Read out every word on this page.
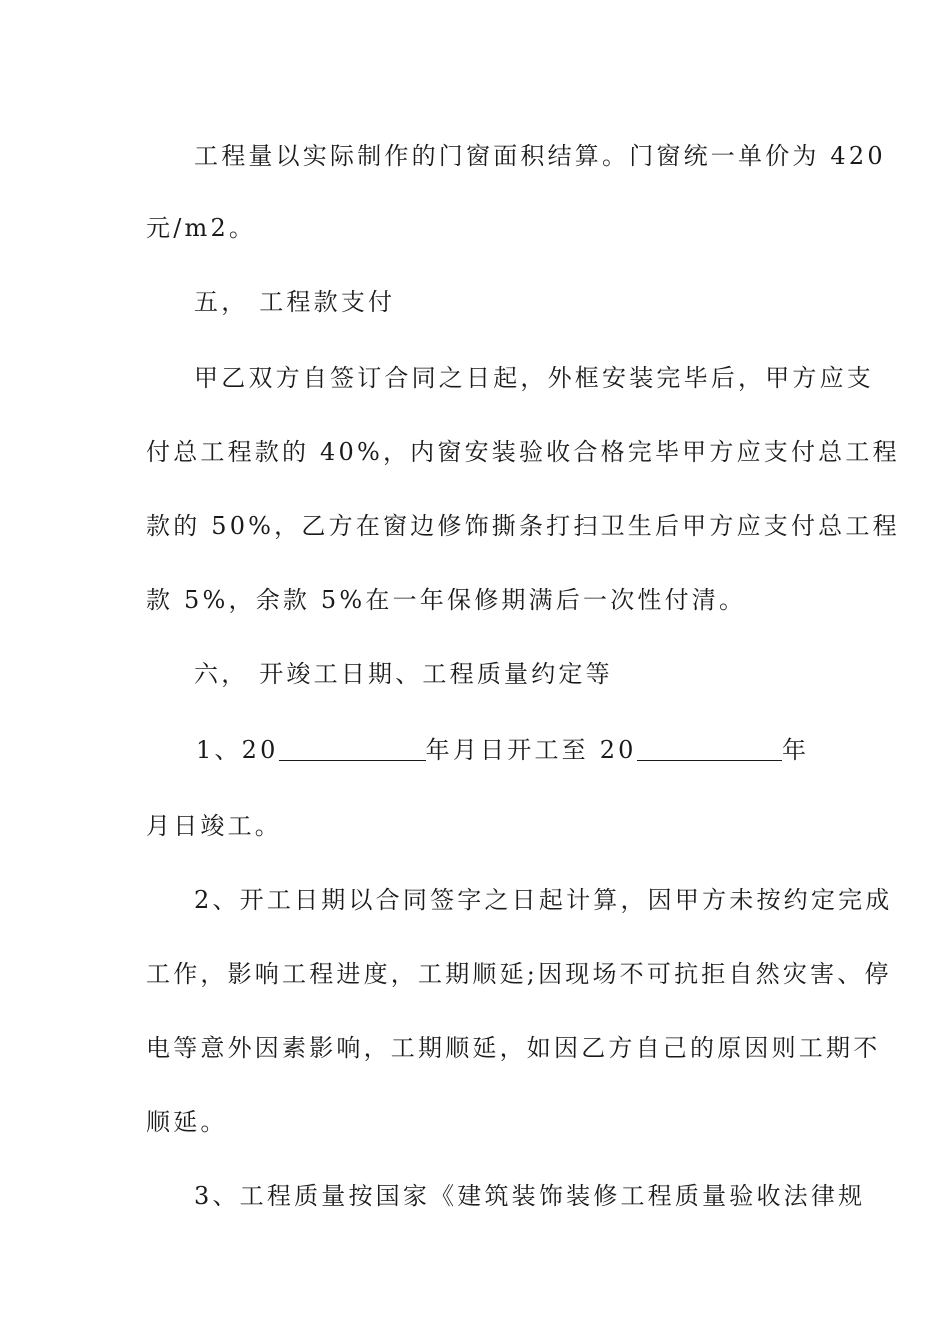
工程量以实际制作的门窗面积结算。门窗统一单价为 420
元/m2。
五， 工程款支付
甲乙双方自签订合同之日起，外框安装完毕后，甲方应支
付总工程款的 40%，内窗安装验收合格完毕甲方应支付总工程
款的 50%，乙方在窗边修饰撕条打扫卫生后甲方应支付总工程
款 5%，余款 5%在一年保修期满后一次性付清。
六， 开竣工日期、工程质量约定等
1、20	年月日开工至 20	年
月日竣工。
2、开工日期以合同签字之日起计算，因甲方未按约定完成
工作，影响工程进度，工期顺延;因现场不可抗拒自然灾害、停
电等意外因素影响，工期顺延，如因乙方自己的原因则工期不
顺延。
3、工程质量按国家《建筑装饰装修工程质量验收法律规
